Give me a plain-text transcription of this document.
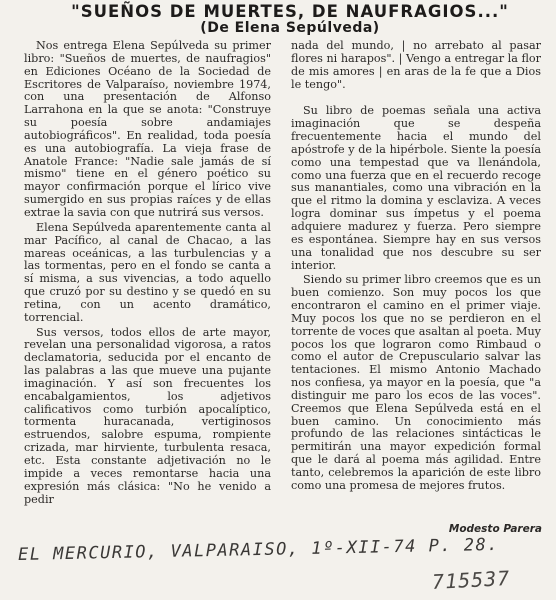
"SUEÑOS DE MUERTES, DE NAUFRAGIOS..."
(De Elena Sepúlveda)

Nos entrega Elena Sepúlveda su primer libro: "Sueños de muertes, de naufragios" en Ediciones Océano de la Sociedad de Escritores de Valparaíso, noviembre 1974, con una presentación de Alfonso Larrahona en la que se anota: "Construye su poesía sobre andamiajes autobiográficos". En realidad, toda poesía es una autobiografía. La vieja frase de Anatole France: "Nadie sale jamás de sí mismo" tiene en el género poético su mayor confirmación porque el lírico vive sumergido en sus propias raíces y de ellas extrae la savia con que nutrirá sus versos.

Elena Sepúlveda aparentemente canta al mar Pacífico, al canal de Chacao, a las mareas oceánicas, a las turbulencias y a las tormentas, pero en el fondo se canta a sí misma, a sus vivencias, a todo aquello que cruzó por su destino y se quedó en su retina, con un acento dramático, torrencial.

Sus versos, todos ellos de arte mayor, revelan una personalidad vigorosa, a ratos declamatoria, seducida por el encanto de las palabras a las que mueve una pujante imaginación. Y así son frecuentes los encabalgamientos, los adjetivos calificativos como turbión apocalíptico, tormenta huracanada, vertiginosos estruendos, salobre espuma, rompiente crizada, mar hirviente, turbulenta resaca, etc. Esta constante adjetivación no le impide a veces remontarse hacia una expresión más clásica: "No he venido a pedir

nada del mundo, | no arrebato al pasar flores ni harapos". | Vengo a entregar la flor de mis amores | en aras de la fe que a Dios le tengo".

Su libro de poemas señala una activa imaginación que se despeña frecuentemente hacia el mundo del apóstrofe y de la hipérbole. Siente la poesía como una tempestad que va llenándola, como una fuerza que en el recuerdo recoge sus manantiales, como una vibración en la que el ritmo la domina y esclaviza. A veces logra dominar sus ímpetus y el poema adquiere madurez y fuerza. Pero siempre es espontánea. Siempre hay en sus versos una tonalidad que nos descubre su ser interior.

Siendo su primer libro creemos que es un buen comienzo. Son muy pocos los que encontraron el camino en el primer viaje. Muy pocos los que no se perdieron en el torrente de voces que asaltan al poeta. Muy pocos los que lograron como Rimbaud o como el autor de Crepusculario salvar las tentaciones. El mismo Antonio Machado nos confiesa, ya mayor en la poesía, que "a distinguir me paro los ecos de las voces". Creemos que Elena Sepúlveda está en el buen camino. Un conocimiento más profundo de las relaciones sintácticas le permitirán una mayor expedición formal que le dará al poema más agilidad. Entre tanto, celebremos la aparición de este libro como una promesa de mejores frutos.

Modesto Parera
EL MERCURIO, VALPARAISO, 1º-XII-74 P. 28.
715537
